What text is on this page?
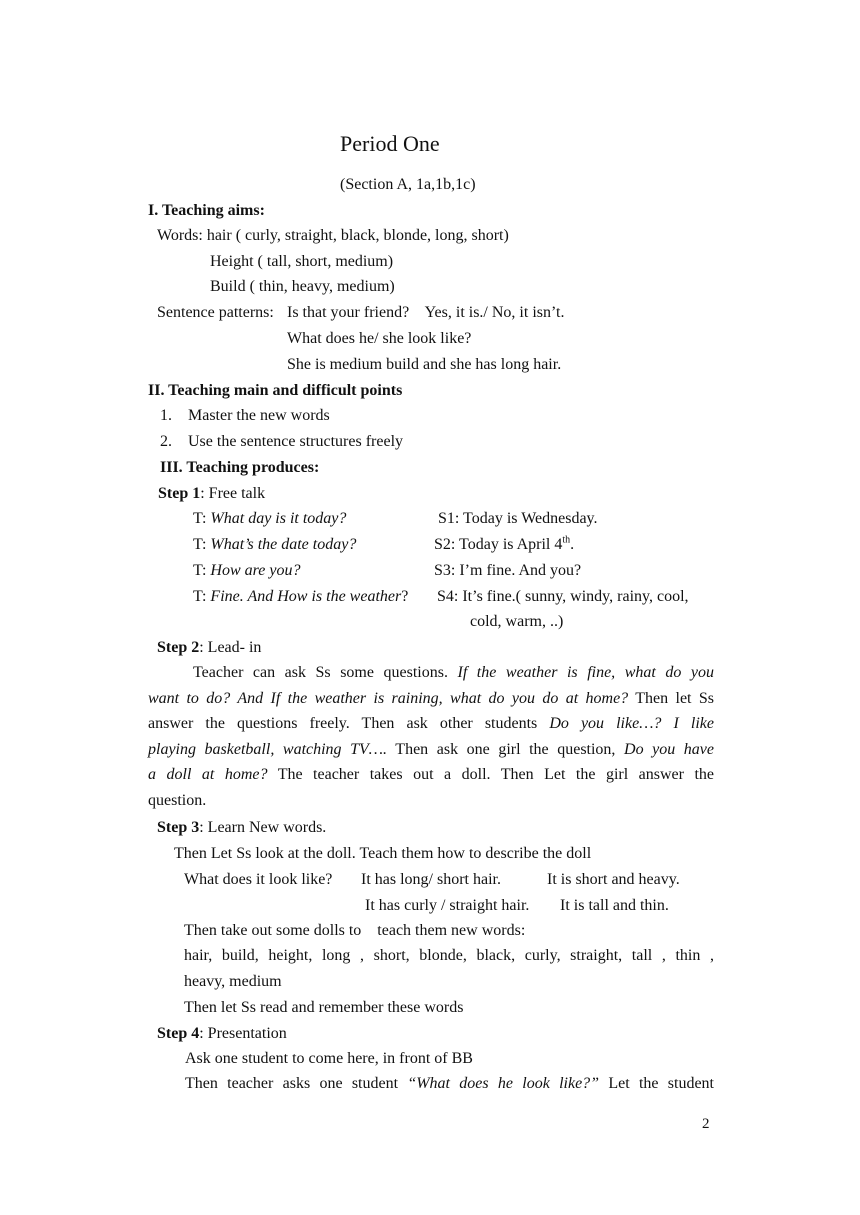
Period One
(Section A, 1a,1b,1c)
I. Teaching aims:
Words: hair ( curly, straight, black, blonde, long, short)
Height ( tall, short, medium)
Build ( thin, heavy, medium)
Sentence patterns: Is that your friend?    Yes, it is./ No, it isn’t.
What does he/ she look like?
She is medium build and she has long hair.
II. Teaching main and difficult points
1. Master the new words
2. Use the sentence structures freely
III. Teaching produces:
Step 1: Free talk
T: What day is it today?	S1: Today is Wednesday.
T: What’s the date today?	S2: Today is April 4th.
T: How are you?	S3: I’m fine. And you?
T: Fine. And How is the weather? S4: It’s fine.( sunny, windy, rainy, cool,
cold, warm, ..)
Step 2: Lead- in
Teacher can ask Ss some questions. If the weather is fine, what do you
want to do? And If the weather is raining, what do you do at home? Then let Ss
answer the questions freely. Then ask other students Do you like…? I like
playing basketball, watching TV…. Then ask one girl the question, Do you have
a doll at home? The teacher takes out a doll. Then Let the girl answer the
question.
Step 3: Learn New words.
Then Let Ss look at the doll. Teach them how to describe the doll
What does it look like? It has long/ short hair.	It is short and heavy.
It has curly / straight hair. It is tall and thin.
Then take out some dolls to    teach them new words:
hair, build, height, long , short, blonde, black, curly, straight, tall , thin ,
heavy, medium
Then let Ss read and remember these words
Step 4: Presentation
Ask one student to come here, in front of BB
Then teacher asks one student “What does he look like?” Let the student
2
